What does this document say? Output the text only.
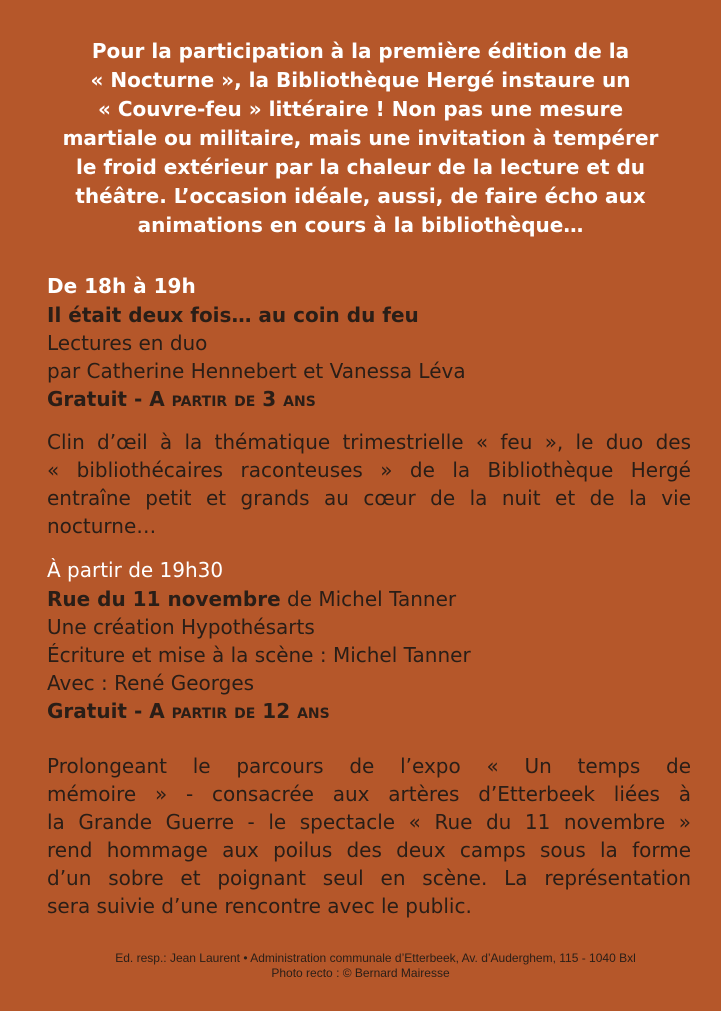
Pour la participation à la première édition de la
« Nocturne », la Bibliothèque Hergé instaure un
« Couvre-feu » littéraire ! Non pas une mesure
martiale ou militaire, mais une invitation à tempérer
le froid extérieur par la chaleur de la lecture et du
théâtre. L’occasion idéale, aussi, de faire écho aux
animations en cours à la bibliothèque…
De 18h à 19h
Il était deux fois… au coin du feu
Lectures en duo
par Catherine Hennebert et Vanessa Léva
Gratuit - A partir de 3 ans
Clin d’œil à la thématique trimestrielle « feu », le duo des
« bibliothécaires raconteuses » de la Bibliothèque Hergé
entraîne petit et grands au cœur de la nuit et de la vie
nocturne…
À partir de 19h30
Rue du 11 novembre de Michel Tanner
Une création Hypothésarts
Écriture et mise à la scène : Michel Tanner
Avec : René Georges
Gratuit - A partir de 12 ans
Prolongeant le parcours de l’expo « Un temps de
mémoire » - consacrée aux artères d’Etterbeek liées à
la Grande Guerre - le spectacle « Rue du 11 novembre »
rend hommage aux poilus des deux camps sous la forme
d’un sobre et poignant seul en scène. La représentation
sera suivie d’une rencontre avec le public.
Ed. resp.: Jean Laurent • Administration communale d’Etterbeek, Av. d’Auderghem, 115 - 1040 Bxl
Photo recto : © Bernard Mairesse
